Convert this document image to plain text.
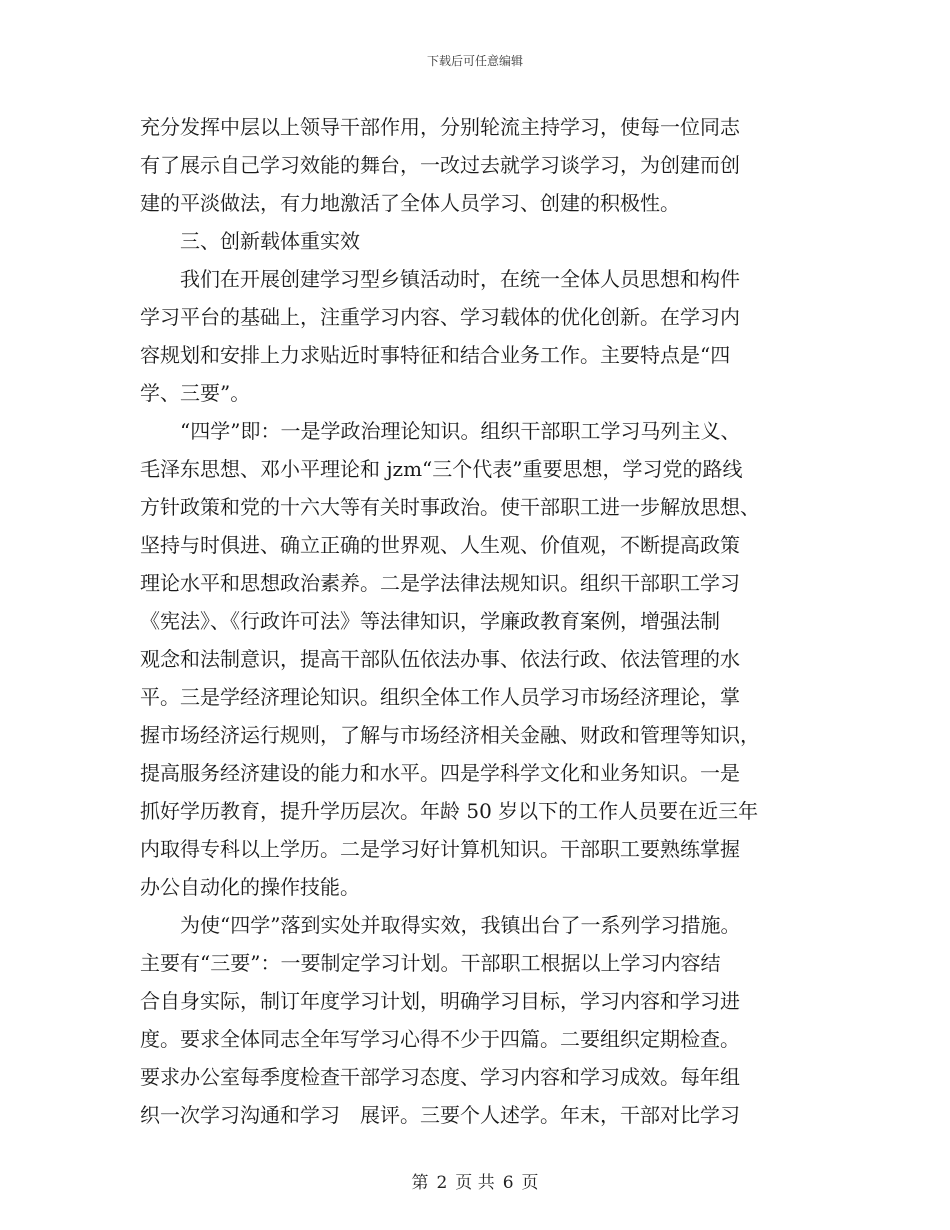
下载后可任意编辑
充分发挥中层以上领导干部作用，分别轮流主持学习，使每一位同志
有了展示自己学习效能的舞台，一改过去就学习谈学习，为创建而创
建的平淡做法，有力地激活了全体人员学习、创建的积极性。
三、创新载体重实效
我们在开展创建学习型乡镇活动时，在统一全体人员思想和构件
学习平台的基础上，注重学习内容、学习载体的优化创新。在学习内
容规划和安排上力求贴近时事特征和结合业务工作。主要特点是“四
学、三要”。
“四学”即：一是学政治理论知识。组织干部职工学习马列主义、
毛泽东思想、邓小平理论和 jzm“三个代表”重要思想，学习党的路线
方针政策和党的十六大等有关时事政治。使干部职工进一步解放思想、
坚持与时俱进、确立正确的世界观、人生观、价值观，不断提高政策
理论水平和思想政治素养。二是学法律法规知识。组织干部职工学习
《宪法》、《行政许可法》等法律知识，学廉政教育案例，增强法制
观念和法制意识，提高干部队伍依法办事、依法行政、依法管理的水
平。三是学经济理论知识。组织全体工作人员学习市场经济理论，掌
握市场经济运行规则，了解与市场经济相关金融、财政和管理等知识，
提高服务经济建设的能力和水平。四是学科学文化和业务知识。一是
抓好学历教育，提升学历层次。年龄 50 岁以下的工作人员要在近三年
内取得专科以上学历。二是学习好计算机知识。干部职工要熟练掌握
办公自动化的操作技能。
为使“四学”落到实处并取得实效，我镇出台了一系列学习措施。
主要有“三要”：一要制定学习计划。干部职工根据以上学习内容结
合自身实际，制订年度学习计划，明确学习目标，学习内容和学习进
度。要求全体同志全年写学习心得不少于四篇。二要组织定期检查。
要求办公室每季度检查干部学习态度、学习内容和学习成效。每年组
织一次学习沟通和学习　展评。三要个人述学。年末，干部对比学习
第 2 页 共 6 页
